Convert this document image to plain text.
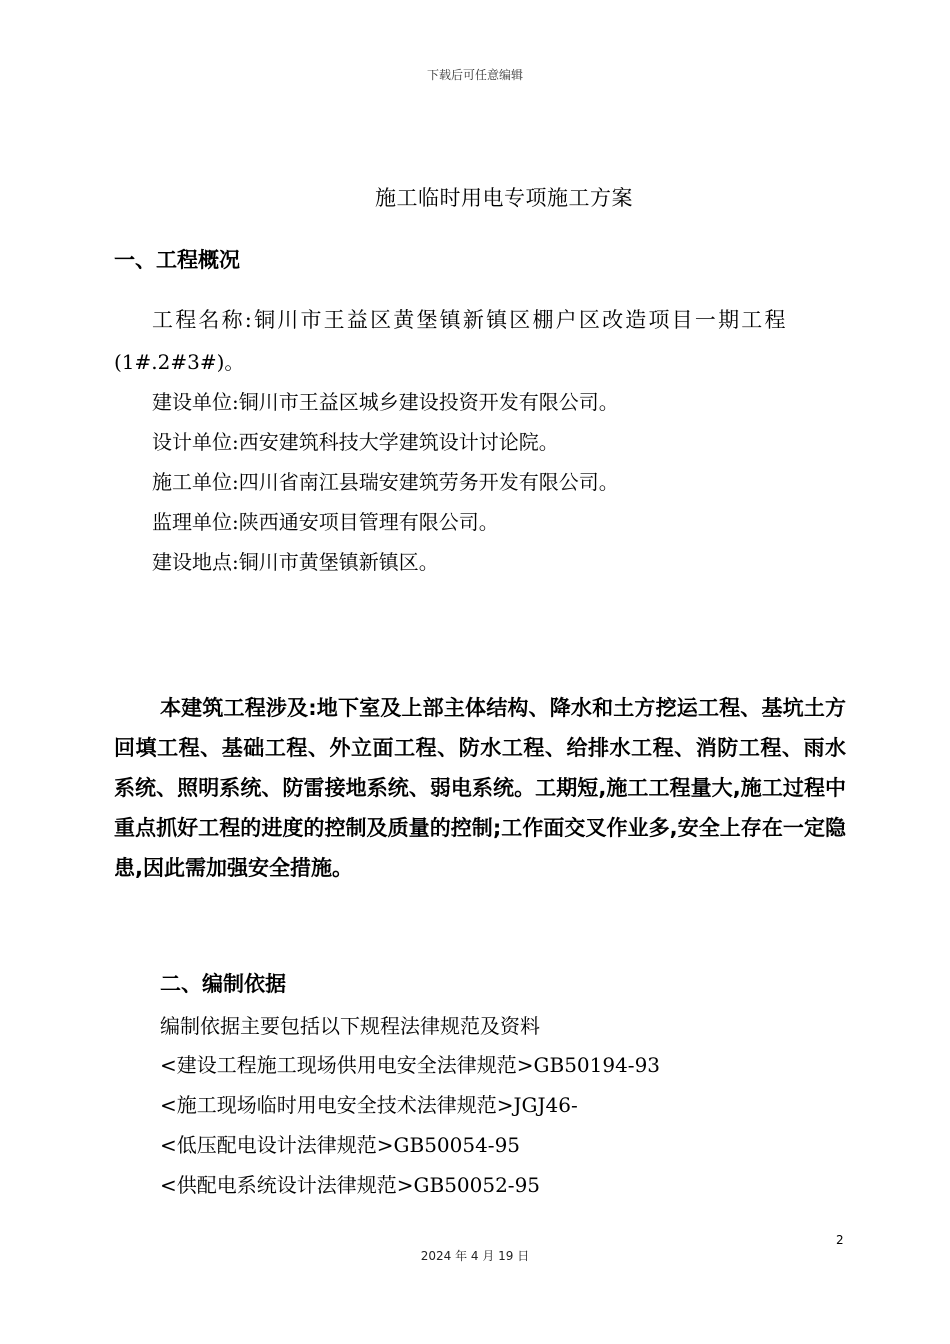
下载后可任意编辑
施工临时用电专项施工方案
一、工程概况
工程名称:铜川市王益区黄堡镇新镇区棚户区改造项目一期工程
(1#.2#3#)。
建设单位:铜川市王益区城乡建设投资开发有限公司。
设计单位:西安建筑科技大学建筑设计讨论院。
施工单位:四川省南江县瑞安建筑劳务开发有限公司。
监理单位:陕西通安项目管理有限公司。
建设地点:铜川市黄堡镇新镇区。
本建筑工程涉及:地下室及上部主体结构、降水和土方挖运工程、基坑土方回填工程、基础工程、外立面工程、防水工程、给排水工程、消防工程、雨水系统、照明系统、防雷接地系统、弱电系统。工期短,施工工程量大,施工过程中重点抓好工程的进度的控制及质量的控制;工作面交叉作业多,安全上存在一定隐患,因此需加强安全措施。
二、编制依据
编制依据主要包括以下规程法律规范及资料
<建设工程施工现场供用电安全法律规范>GB50194-93
<施工现场临时用电安全技术法律规范>JGJ46-
<低压配电设计法律规范>GB50054-95
<供配电系统设计法律规范>GB50052-95
2
2024 年 4 月 19 日
